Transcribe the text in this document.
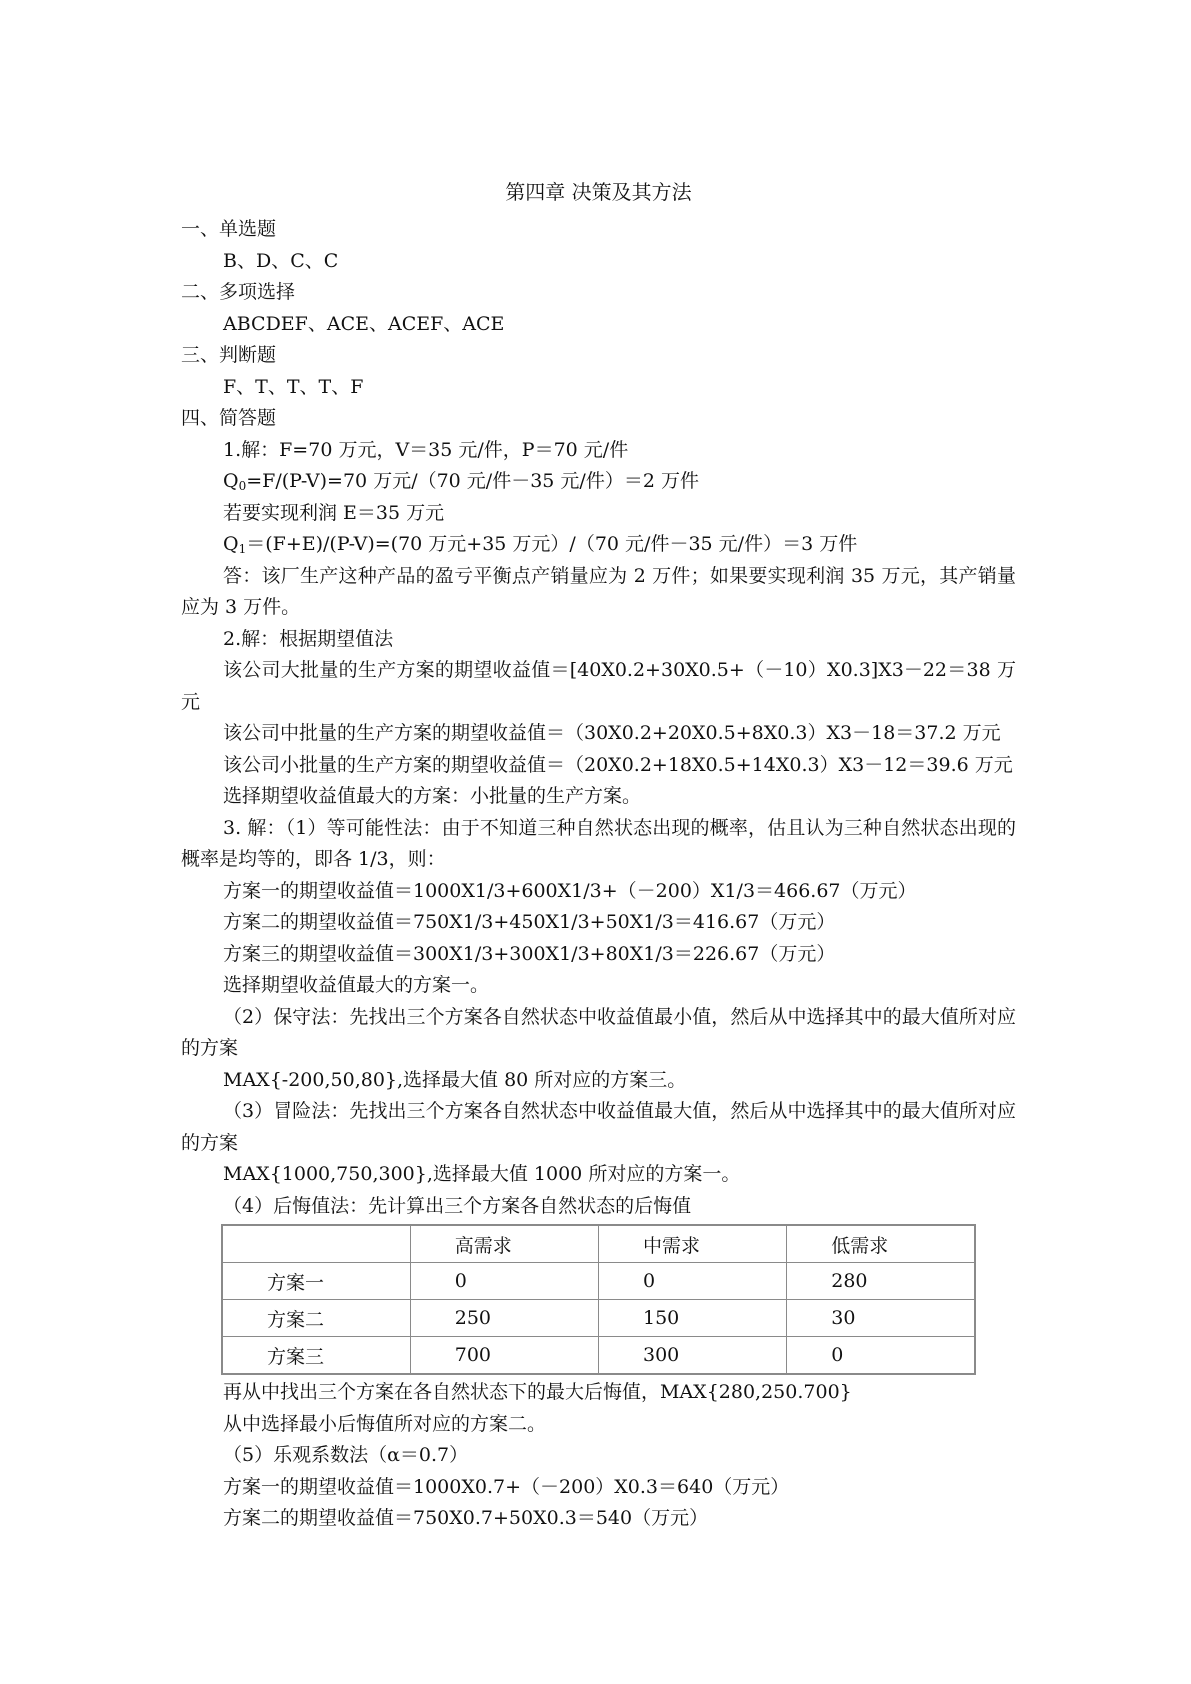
第四章 决策及其方法
一、单选题
B、D、C、C
二、多项选择
ABCDEF、ACE、ACEF、ACE
三、判断题
F、T、T、T、F
四、简答题
1.解：F=70 万元，V＝35 元/件，P＝70 元/件
$Q_0=F/(P-V)=70$ 万元/（70 元/件－35 元/件）＝2 万件
若要实现利润 E＝35 万元
$Q_1=(F+E)/(P-V)=(70$ 万元+35 万元）/（70 元/件－35 元/件）＝3 万件
答：该厂生产这种产品的盈亏平衡点产销量应为 2 万件；如果要实现利润 35 万元，其产销量应为 3 万件。
2.解：根据期望值法
该公司大批量的生产方案的期望收益值＝[40X0.2+30X0.5+（－10）X0.3]X3－22＝38 万元
该公司中批量的生产方案的期望收益值＝（30X0.2+20X0.5+8X0.3）X3－18＝37.2 万元
该公司小批量的生产方案的期望收益值＝（20X0.2+18X0.5+14X0.3）X3－12＝39.6 万元
选择期望收益值最大的方案：小批量的生产方案。
3. 解：（1）等可能性法：由于不知道三种自然状态出现的概率，估且认为三种自然状态出现的概率是均等的，即各 1/3，则：
方案一的期望收益值＝1000X1/3+600X1/3+（－200）X1/3＝466.67（万元）
方案二的期望收益值＝750X1/3+450X1/3+50X1/3＝416.67（万元）
方案三的期望收益值＝300X1/3+300X1/3+80X1/3＝226.67（万元）
选择期望收益值最大的方案一。
（2）保守法：先找出三个方案各自然状态中收益值最小值，然后从中选择其中的最大值所对应的方案
MAX{-200,50,80},选择最大值 80 所对应的方案三。
（3）冒险法：先找出三个方案各自然状态中收益值最大值，然后从中选择其中的最大值所对应的方案
MAX{1000,750,300},选择最大值 1000 所对应的方案一。
（4）后悔值法：先计算出三个方案各自然状态的后悔值
	高需求	中需求	低需求
方案一	0	0	280
方案二	250	150	30
方案三	700	300	0
再从中找出三个方案在各自然状态下的最大后悔值，MAX{280,250.700}
从中选择最小后悔值所对应的方案二。
（5）乐观系数法（α＝0.7）
方案一的期望收益值＝1000X0.7+（－200）X0.3＝640（万元）
方案二的期望收益值＝750X0.7+50X0.3＝540（万元）
